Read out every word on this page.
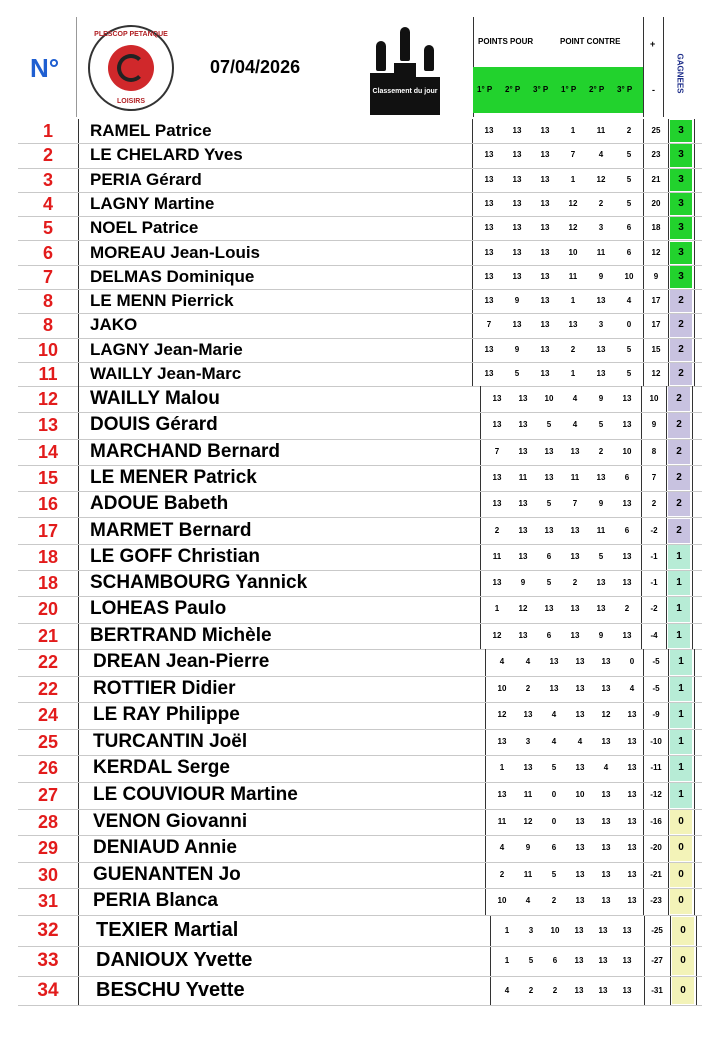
N°
PLESCOP PETANQUE
LOISIRS
07/04/2026
Classement du jour
POINTS POUR	POINT CONTRE
1° P 2° P 3° P 1° P 2° P 3° P
+
-	GAGNEES
1	RAMEL Patrice	13	13	13	1	11	2	25	3
2	LE CHELARD Yves	13	13	13	7	4	5	23	3
3	PERIA Gérard	13	13	13	1	12	5	21	3
4	LAGNY Martine	13	13	13	12	2	5	20	3
5	NOEL Patrice	13	13	13	12	3	6	18	3
6	MOREAU Jean-Louis	13	13	13	10	11	6	12	3
7	DELMAS Dominique	13	13	13	11	9	10	9	3
8	LE MENN Pierrick	13	9	13	1	13	4	17	2
8	JAKO	7	13	13	13	3	0	17	2
10	LAGNY Jean-Marie	13	9	13	2	13	5	15	2
11	WAILLY Jean-Marc	13	5	13	1	13	5	12	2
12	WAILLY Malou	13	13	10	4	9	13	10	2
13	DOUIS Gérard	13	13	5	4	5	13	9	2
14	MARCHAND Bernard	7	13	13	13	2	10	8	2
15	LE MENER Patrick	13	11	13	11	13	6	7	2
16	ADOUE Babeth	13	13	5	7	9	13	2	2
17	MARMET Bernard	2	13	13	13	11	6	-2	2
18	LE GOFF Christian	11	13	6	13	5	13	-1	1
18	SCHAMBOURG Yannick	13	9	5	2	13	13	-1	1
20	LOHEAS Paulo	1	12	13	13	13	2	-2	1
21	BERTRAND Michèle	12	13	6	13	9	13	-4	1
22	DREAN Jean-Pierre	4	4	13	13	13	0	-5	1
22	ROTTIER Didier	10	2	13	13	13	4	-5	1
24	LE RAY Philippe	12	13	4	13	12	13	-9	1
25	TURCANTIN Joël	13	3	4	4	13	13	-10	1
26	KERDAL Serge	1	13	5	13	4	13	-11	1
27	LE COUVIOUR Martine	13	11	0	10	13	13	-12	1
28	VENON Giovanni	11	12	0	13	13	13	-16	0
29	DENIAUD Annie	4	9	6	13	13	13	-20	0
30	GUENANTEN Jo	2	11	5	13	13	13	-21	0
31	PERIA Blanca	10	4	2	13	13	13	-23	0
32	TEXIER Martial	1	3	10	13	13	13	-25	0
33	DANIOUX Yvette	1	5	6	13	13	13	-27	0
34	BESCHU Yvette	4	2	2	13	13	13	-31	0
